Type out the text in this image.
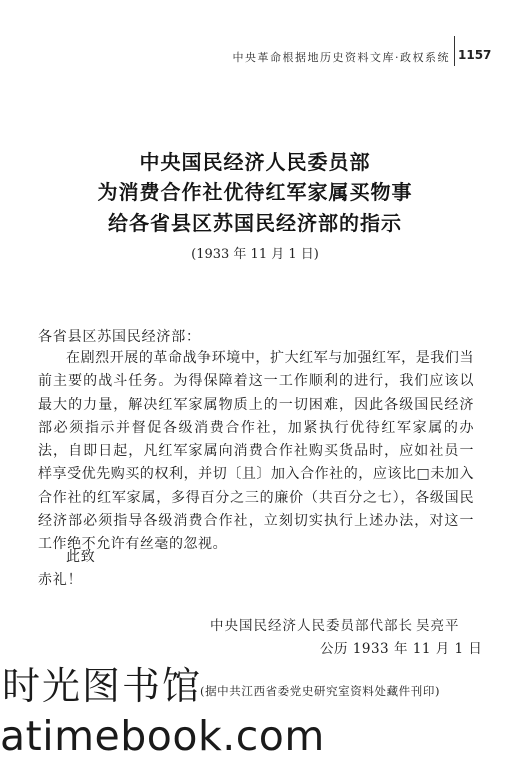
中央革命根据地历史资料文库·政权系统 1157
中央国民经济人民委员部
为消费合作社优待红军家属买物事
给各省县区苏国民经济部的指示
(1933 年 11 月 1 日)
各省县区苏国民经济部：
在剧烈开展的革命战争环境中，扩大红军与加强红军，是我们当前主要的战斗任务。为得保障着这一工作顺利的进行，我们应该以最大的力量，解决红军家属物质上的一切困难，因此各级国民经济部必须指示并督促各级消费合作社，加紧执行优待红军家属的办法，自即日起，凡红军家属向消费合作社购买货品时，应如社员一样享受优先购买的权利，并切〔且〕加入合作社的，应该比□未加入合作社的红军家属，多得百分之三的廉价（共百分之七），各级国民经济部必须指导各级消费合作社，立刻切实执行上述办法，对这一工作绝不允许有丝毫的忽视。
此致
赤礼！
中央国民经济人民委员部代部长 吴亮平
公历 1933 年 11 月 1 日
(据中共江西省委党史研究室资料处藏件刊印)
时光图书馆
atimebook.com
